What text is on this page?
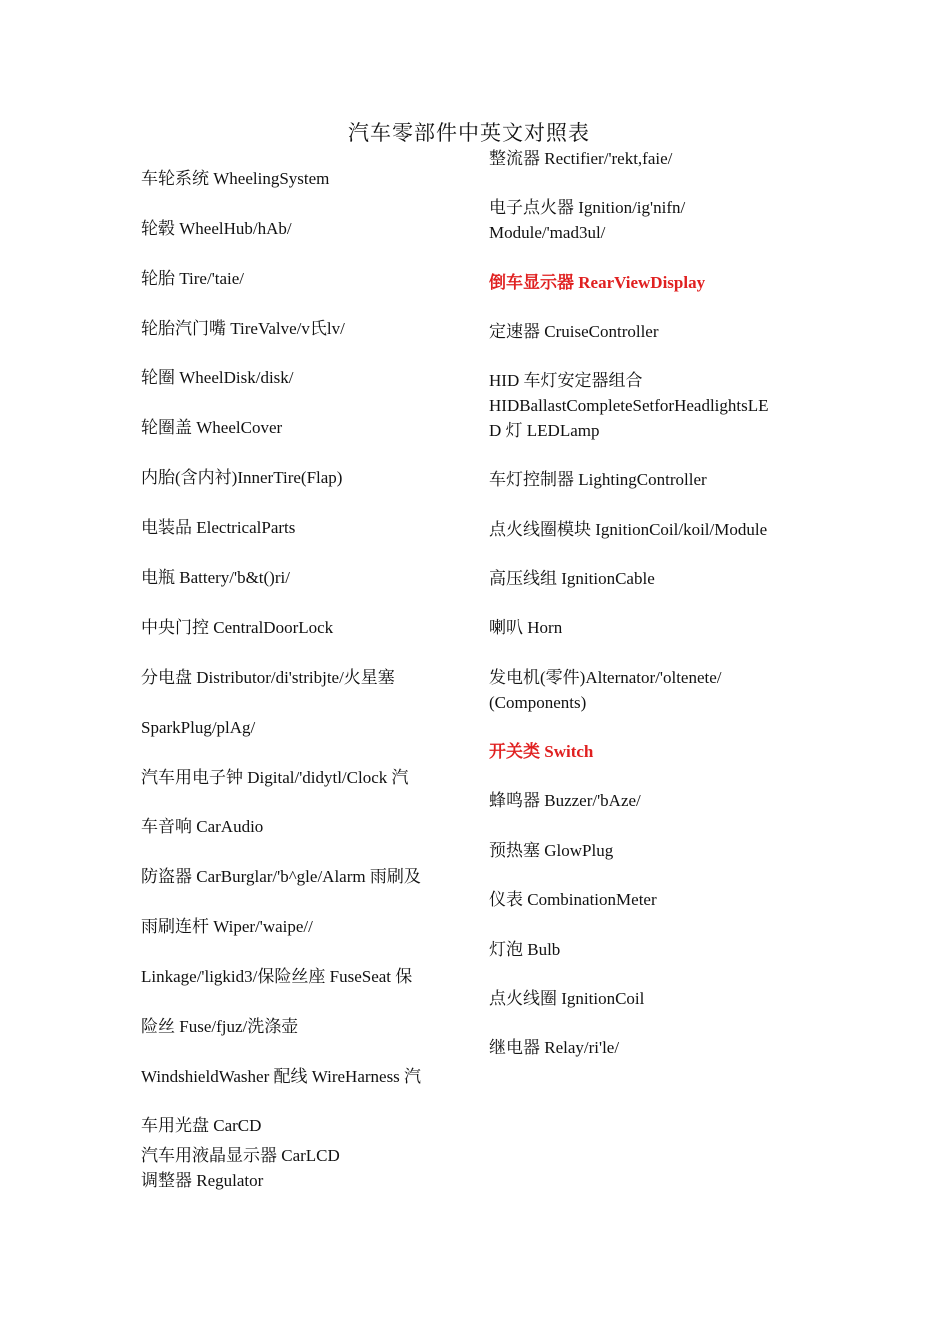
汽车零部件中英文对照表
车轮系统 WheelingSystem
轮毂 WheelHub/hAb/
轮胎 Tire/'taie/
轮胎汽门嘴 TireValve/v氏lv/
轮圈 WheelDisk/disk/
轮圈盖 WheelCover
内胎(含内衬)InnerTire(Flap)
电装品 ElectricalParts
电瓶 Battery/'b&t()ri/
中央门控 CentralDoorLock
分电盘 Distributor/di'stribjte/火星塞
SparkPlug/plAg/
汽车用电子钟 Digital/'didytl/Clock 汽
车音响 CarAudio
防盗器 CarBurglar/'b^gle/Alarm 雨刷及
雨刷连杆 Wiper/'waipe//
Linkage/'ligkid3/保险丝座 FuseSeat 保
险丝 Fuse/fjuz/洗涤壶
WindshieldWasher 配线 WireHarness 汽
车用光盘 CarCD
汽车用液晶显示器 CarLCD
调整器 Regulator
整流器 Rectifier/'rekt,faie/
电子点火器 Ignition/ig'nifn/
Module/'mad3ul/
倒车显示器 RearViewDisplay
定速器 CruiseController
HID 车灯安定器组合
HIDBallastCompleteSetforHeadlightsLE
D 灯 LEDLamp
车灯控制器 LightingController
点火线圈模块 IgnitionCoil/koil/Module
高压线组 IgnitionCable
喇叭 Horn
发电机(零件)Alternator/'oltenete/
(Components)
开关类 Switch
蜂鸣器 Buzzer/'bAze/
预热塞 GlowPlug
仪表 CombinationMeter
灯泡 Bulb
点火线圈 IgnitionCoil
继电器 Relay/ri'le/
